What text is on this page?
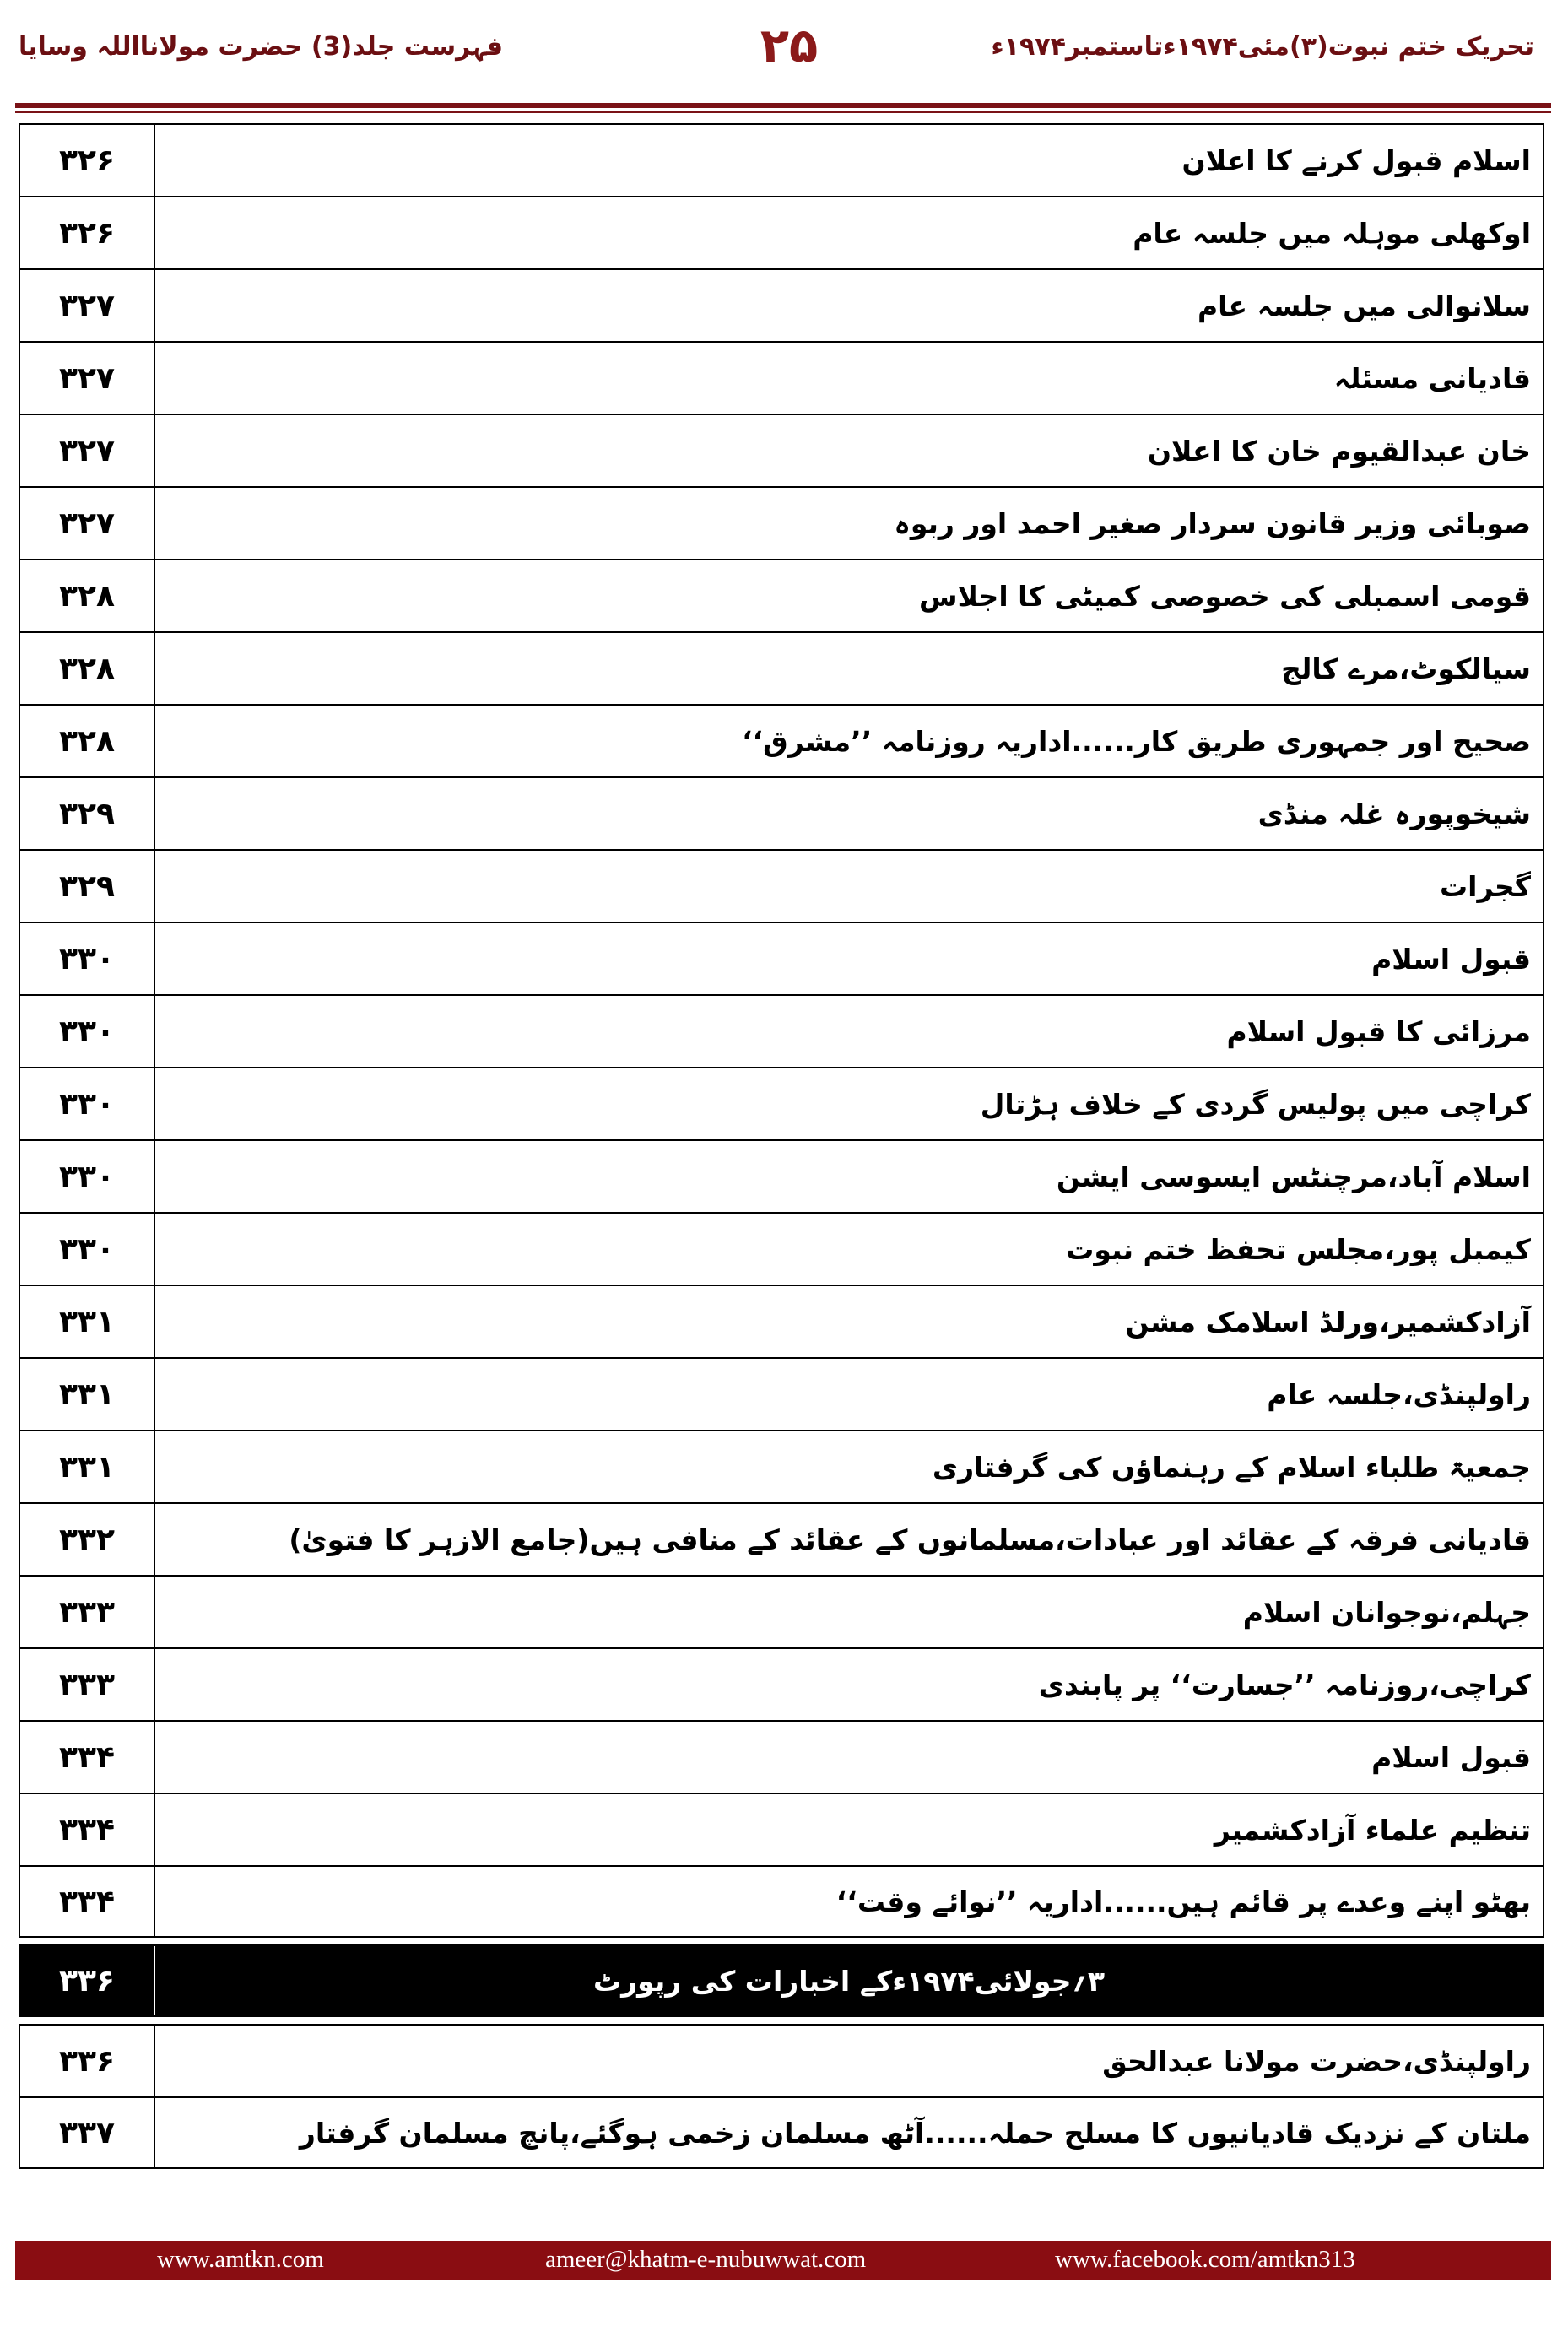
فہرست جلد(3) حضرت مولانااللہ وسایا	۲۵	تحریک ختم نبوت(۳)مئی۱۹۷۴ءتاستمبر۱۹۷۴ء
۳۲۶	اسلام قبول کرنے کا اعلان
۳۲۶	اوکھلی موہلہ میں جلسہ عام
۳۲۷	سلانوالی میں جلسہ عام
۳۲۷	قادیانی مسئلہ
۳۲۷	خان عبدالقیوم خان کا اعلان
۳۲۷	صوبائی وزیر قانون سردار صغیر احمد اور ربوہ
۳۲۸	قومی اسمبلی کی خصوصی کمیٹی کا اجلاس
۳۲۸	سیالکوٹ،مرے کالج
۳۲۸	صحیح اور جمہوری طریق کار......اداریہ روزنامہ ’’مشرق‘‘
۳۲۹	شیخوپورہ غلہ منڈی
۳۲۹	گجرات
۳۳۰	قبول اسلام
۳۳۰	مرزائی کا قبول اسلام
۳۳۰	کراچی میں پولیس گردی کے خلاف ہڑتال
۳۳۰	اسلام آباد،مرچنٹس ایسوسی ایشن
۳۳۰	کیمبل پور،مجلس تحفظ ختم نبوت
۳۳۱	آزادکشمیر،ورلڈ اسلامک مشن
۳۳۱	راولپنڈی،جلسہ عام
۳۳۱	جمعیۃ طلباء اسلام کے رہنماؤں کی گرفتاری
۳۳۲	قادیانی فرقہ کے عقائد اور عبادات،مسلمانوں کے عقائد کے منافی ہیں(جامع الازہر کا فتویٰ)
۳۳۳	جہلم،نوجوانان اسلام
۳۳۳	کراچی،روزنامہ ’’جسارت‘‘ پر پابندی
۳۳۴	قبول اسلام
۳۳۴	تنظیم علماء آزادکشمیر
۳۳۴	بھٹو اپنے وعدے پر قائم ہیں......اداریہ ’’نوائے وقت‘‘
۳۳۶	۳؍جولائی۱۹۷۴ءکے اخبارات کی رپورٹ
۳۳۶	راولپنڈی،حضرت مولانا عبدالحق
۳۳۷	ملتان کے نزدیک قادیانیوں کا مسلح حملہ......آٹھ مسلمان زخمی ہوگئے،پانچ مسلمان گرفتار
www.amtkn.com	ameer@khatm-e-nubuwwat.com	www.facebook.com/amtkn313
